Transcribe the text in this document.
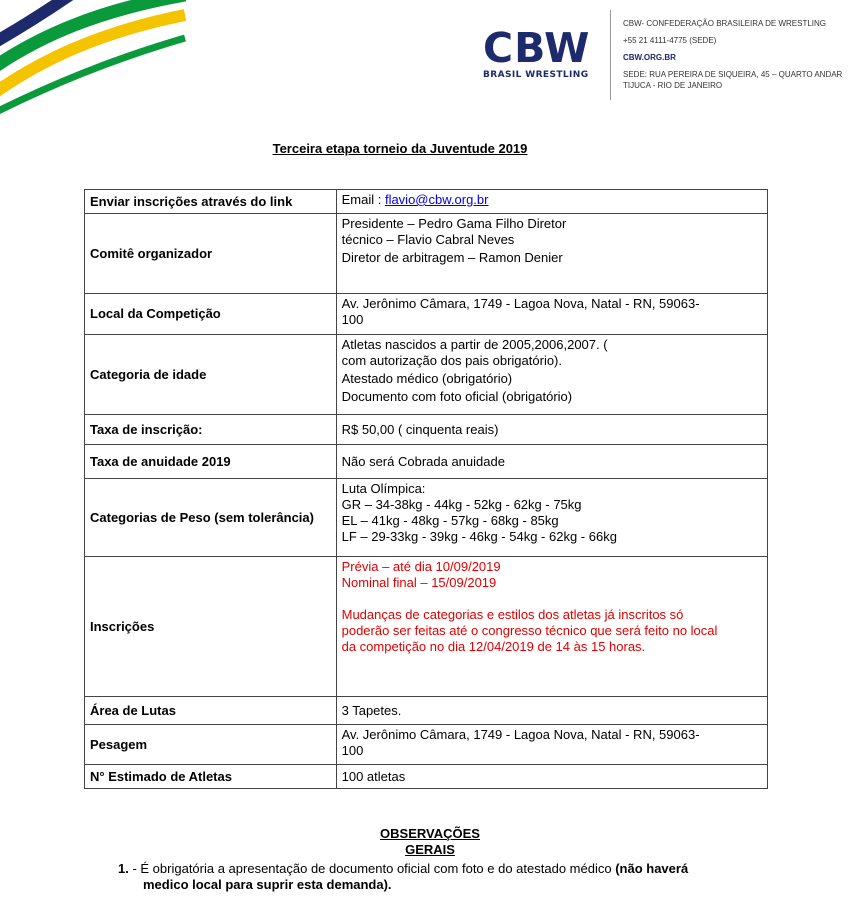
CBW
BRASIL WRESTLING
CBW- CONFEDERAÇÃO BRASILEIRA DE WRESTLING
+55 21 4111-4775 (SEDE)
CBW.ORG.BR
SEDE: RUA PEREIRA DE SIQUEIRA, 45 – QUARTO ANDAR
TIJUCA - RIO DE JANEIRO
Terceira etapa torneio da Juventude 2019
Enviar inscrições através do link	Email : flavio@cbw.org.br
Comitê organizador	Presidente – Pedro Gama Filho Diretor
técnico – Flavio Cabral Neves
Diretor de arbitragem – Ramon Denier

Local da Competição	Av. Jerônimo Câmara, 1749 - Lagoa Nova, Natal - RN, 59063-
100

Categoria de idade	Atletas nascidos a partir de 2005,2006,2007. (
com autorização dos pais obrigatório).
Atestado médico (obrigatório)
Documento com foto oficial (obrigatório)

Taxa de inscrição:	R$ 50,00 ( cinquenta reais)
Taxa de anuidade 2019	Não será Cobrada anuidade
Categorias de Peso (sem tolerância)	Luta Olímpica:
GR – 34-38kg - 44kg - 52kg - 62kg - 75kg
EL – 41kg - 48kg - 57kg - 68kg - 85kg
LF – 29-33kg - 39kg - 46kg - 54kg - 62kg - 66kg

Inscrições	Prévia – até dia 10/09/2019
Nominal final – 15/09/2019
Mudanças de categorias e estilos dos atletas já inscritos só
poderão ser feitas até o congresso técnico que será feito no local
da competição no dia 12/04/2019 de 14 às 15 horas.

Área de Lutas	3 Tapetes.
Pesagem	Av. Jerônimo Câmara, 1749 - Lagoa Nova, Natal - RN, 59063-
100

N° Estimado de Atletas	100 atletas
OBSERVAÇÕES
GERAIS
1. - É obrigatória a apresentação de documento oficial com foto e do atestado médico (não haverá
medico local para suprir esta demanda).
